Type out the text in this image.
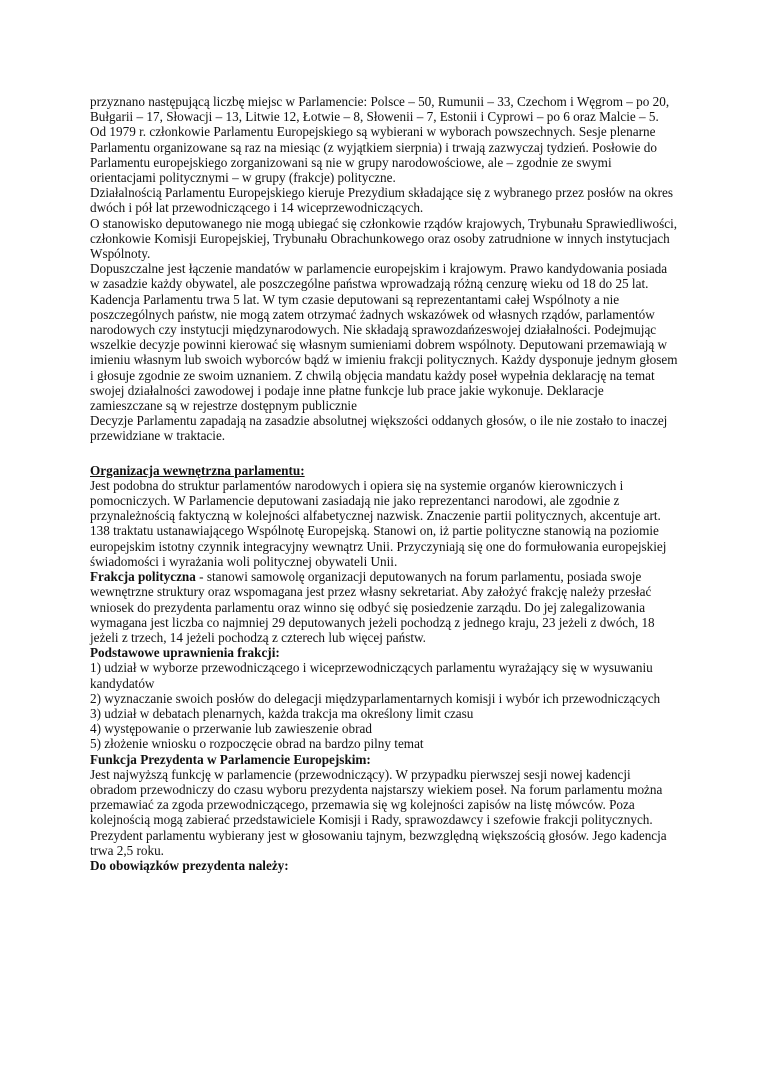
przyznano następującą liczbę miejsc w Parlamencie: Polsce – 50, Rumunii – 33, Czechom i Węgrom – po 20, Bułgarii – 17, Słowacji – 13, Litwie 12, Łotwie – 8, Słowenii – 7, Estonii i Cyprowi – po 6 oraz Malcie – 5.

Od 1979 r. członkowie Parlamentu Europejskiego są wybierani w wyborach powszechnych. Sesje plenarne Parlamentu organizowane są raz na miesiąc (z wyjątkiem sierpnia) i trwają zazwyczaj tydzień. Posłowie do Parlamentu europejskiego zorganizowani są nie w grupy narodowościowe, ale – zgodnie ze swymi orientacjami politycznymi – w grupy (frakcje) polityczne.

Działalnością Parlamentu Europejskiego kieruje Prezydium składające się z wybranego przez posłów na okres dwóch i pół lat przewodniczącego i 14 wiceprzewodniczących.

O stanowisko deputowanego nie mogą ubiegać się członkowie rządów krajowych, Trybunału Sprawiedliwości, członkowie Komisji Europejskiej, Trybunału Obrachunkowego oraz osoby zatrudnione w innych instytucjach Wspólnoty.

Dopuszczalne jest łączenie mandatów w parlamencie europejskim i krajowym. Prawo kandydowania posiada w zasadzie każdy obywatel, ale poszczególne państwa wprowadzają różną cenzurę wieku od 18 do 25 lat.

Kadencja Parlamentu trwa 5 lat. W tym czasie deputowani są reprezentantami całej Wspólnoty a nie poszczególnych państw, nie mogą zatem otrzymać żadnych wskazówek od własnych rządów, parlamentów narodowych czy instytucji międzynarodowych. Nie składają sprawozdańzeswojej działalności. Podejmując wszelkie decyzje powinni kierować się własnym sumieniami dobrem wspólnoty. Deputowani przemawiają w imieniu własnym lub swoich wyborców bądź w imieniu frakcji politycznych. Każdy dysponuje jednym głosem i głosuje zgodnie ze swoim uznaniem. Z chwilą objęcia mandatu każdy poseł wypełnia deklarację na temat swojej działalności zawodowej i podaje inne płatne funkcje lub prace jakie wykonuje. Deklaracje zamieszczane są w rejestrze dostępnym publicznie

Decyzje Parlamentu zapadają na zasadzie absolutnej większości oddanych głosów, o ile nie zostało to inaczej przewidziane w traktacie.

Organizacja wewnętrzna parlamentu:

Jest podobna do struktur parlamentów narodowych i opiera się na systemie organów kierowniczych i pomocniczych. W Parlamencie deputowani zasiadają nie jako reprezentanci narodowi, ale zgodnie z przynależnością faktyczną w kolejności alfabetycznej nazwisk. Znaczenie partii politycznych, akcentuje art. 138 traktatu ustanawiającego Wspólnotę Europejską. Stanowi on, iż partie polityczne stanowią na poziomie europejskim istotny czynnik integracyjny wewnątrz Unii. Przyczyniają się one do formułowania europejskiej świadomości i wyrażania woli politycznej obywateli Unii.

Frakcja polityczna - stanowi samowolę organizacji deputowanych na forum parlamentu, posiada swoje wewnętrzne struktury oraz wspomagana jest przez własny sekretariat. Aby założyć frakcję należy przesłać wniosek do prezydenta parlamentu oraz winno się odbyć się posiedzenie zarządu. Do jej zalegalizowania wymagana jest liczba co najmniej 29 deputowanych jeżeli pochodzą z jednego kraju, 23 jeżeli z dwóch, 18 jeżeli z trzech, 14 jeżeli pochodzą z czterech lub więcej państw.

Podstawowe uprawnienia frakcji:

1) udział w wyborze przewodniczącego i wiceprzewodniczących parlamentu wyrażający się w wysuwaniu kandydatów

2) wyznaczanie swoich posłów do delegacji międzyparlamentarnych komisji i wybór ich przewodniczących

3) udział w debatach plenarnych, każda trakcja ma określony limit czasu

4) występowanie o przerwanie lub zawieszenie obrad

5) złożenie wniosku o rozpoczęcie obrad na bardzo pilny temat

Funkcja Prezydenta w Parlamencie Europejskim:

Jest najwyższą funkcję w parlamencie (przewodniczący). W przypadku pierwszej sesji nowej kadencji obradom przewodniczy do czasu wyboru prezydenta najstarszy wiekiem poseł. Na forum parlamentu można przemawiać za zgoda przewodniczącego, przemawia się wg kolejności zapisów na listę mówców. Poza kolejnością mogą zabierać przedstawiciele Komisji i Rady, sprawozdawcy i szefowie frakcji politycznych. Prezydent parlamentu wybierany jest w głosowaniu tajnym, bezwzględną większością głosów. Jego kadencja trwa 2,5 roku.

Do obowiązków prezydenta należy:
